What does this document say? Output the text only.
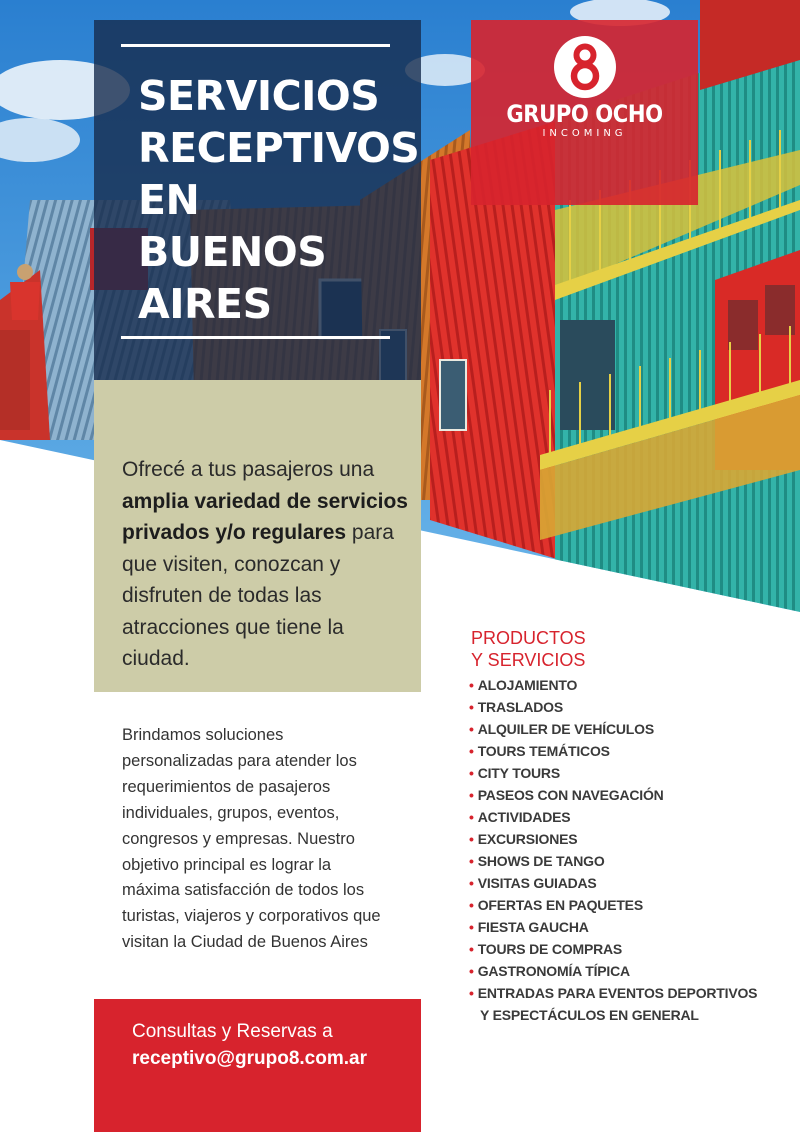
SERVICIOS
RECEPTIVOS
EN
BUENOS
AIRES
GRUPO OCHO
INCOMING

Ofrecé a tus pasajeros una amplia variedad de servicios privados y/o regulares para que visiten, conozcan y disfruten de todas las atracciones que tiene la ciudad.

Brindamos soluciones personalizadas para atender los requerimientos de pasajeros individuales, grupos, eventos, congresos y empresas. Nuestro objetivo principal es lograr la máxima satisfacción de todos los turistas, viajeros y corporativos que visitan la Ciudad de Buenos Aires

Consultas y Reservas a
receptivo@grupo8.com.ar
PRODUCTOS
Y SERVICIOS
• ALOJAMIENTO
• TRASLADOS
• ALQUILER DE VEHÍCULOS
• TOURS TEMÁTICOS
• CITY TOURS
• PASEOS CON NAVEGACIÓN
• ACTIVIDADES
• EXCURSIONES
• SHOWS DE TANGO
• VISITAS GUIADAS
• OFERTAS EN PAQUETES
• FIESTA GAUCHA
• TOURS DE COMPRAS
• GASTRONOMÍA TÍPICA
• ENTRADAS PARA EVENTOS DEPORTIVOS
Y ESPECTÁCULOS EN GENERAL
